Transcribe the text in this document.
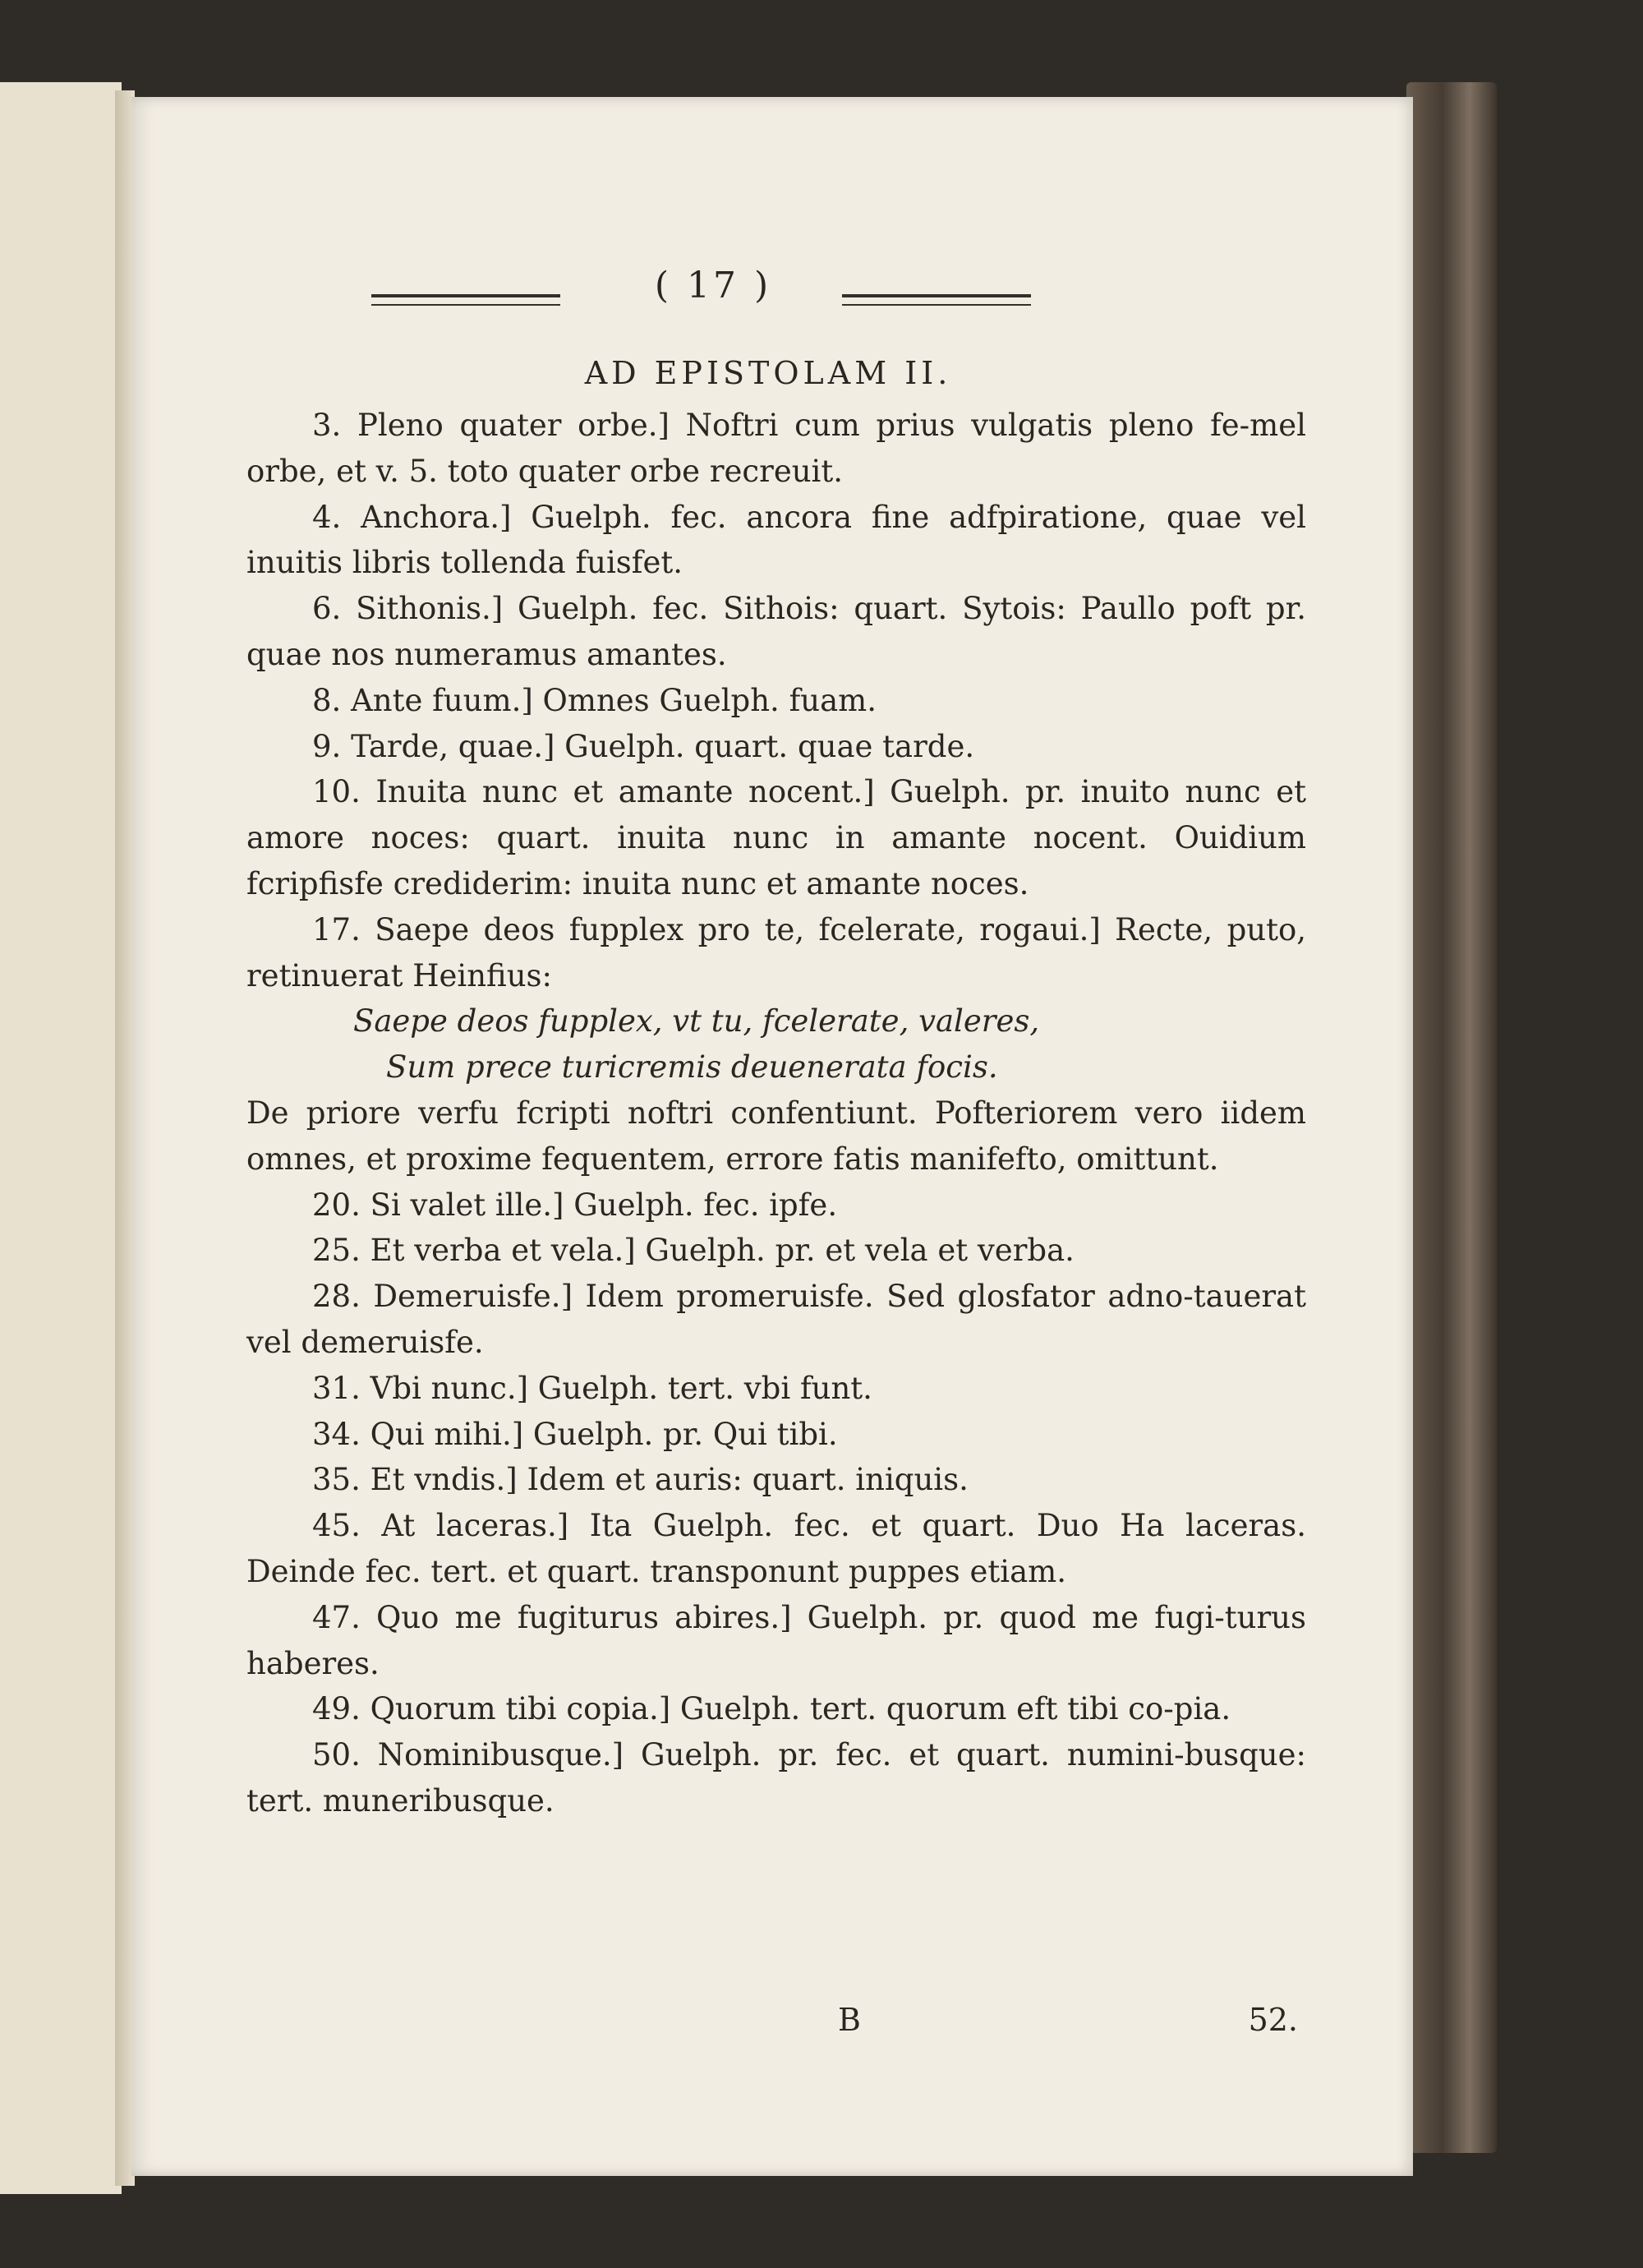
( 17 )
AD EPISTOLAM II.

3. Pleno quater orbe.] Noftri cum prius vulgatis pleno fe-mel orbe, et v. 5. toto quater orbe recreuit.

4. Anchora.] Guelph. fec. ancora fine adfpiratione, quae vel inuitis libris tollenda fuisfet.

6. Sithonis.] Guelph. fec. Sithois: quart. Sytois: Paullo poft pr. quae nos numeramus amantes.

8. Ante fuum.] Omnes Guelph. fuam.

9. Tarde, quae.] Guelph. quart. quae tarde.

10. Inuita nunc et amante nocent.] Guelph. pr. inuito nunc et amore noces: quart. inuita nunc in amante nocent. Ouidium fcripfisfe crediderim: inuita nunc et amante noces.

17. Saepe deos fupplex pro te, fcelerate, rogaui.] Recte, puto, retinuerat Heinfius:

Saepe deos fupplex, vt tu, fcelerate, valeres,

Sum prece turicremis deuenerata focis.

De priore verfu fcripti noftri confentiunt. Pofteriorem vero iidem omnes, et proxime fequentem, errore fatis manifefto, omittunt.

20. Si valet ille.] Guelph. fec. ipfe.

25. Et verba et vela.] Guelph. pr. et vela et verba.

28. Demeruisfe.] Idem promeruisfe. Sed glosfator adno-tauerat vel demeruisfe.

31. Vbi nunc.] Guelph. tert. vbi funt.

34. Qui mihi.] Guelph. pr. Qui tibi.

35. Et vndis.] Idem et auris: quart. iniquis.

45. At laceras.] Ita Guelph. fec. et quart. Duo Ha laceras. Deinde fec. tert. et quart. transponunt puppes etiam.

47. Quo me fugiturus abires.] Guelph. pr. quod me fugi-turus haberes.

49. Quorum tibi copia.] Guelph. tert. quorum eft tibi co-pia.

50. Nominibusque.] Guelph. pr. fec. et quart. numini-busque: tert. muneribusque.

B	52.
